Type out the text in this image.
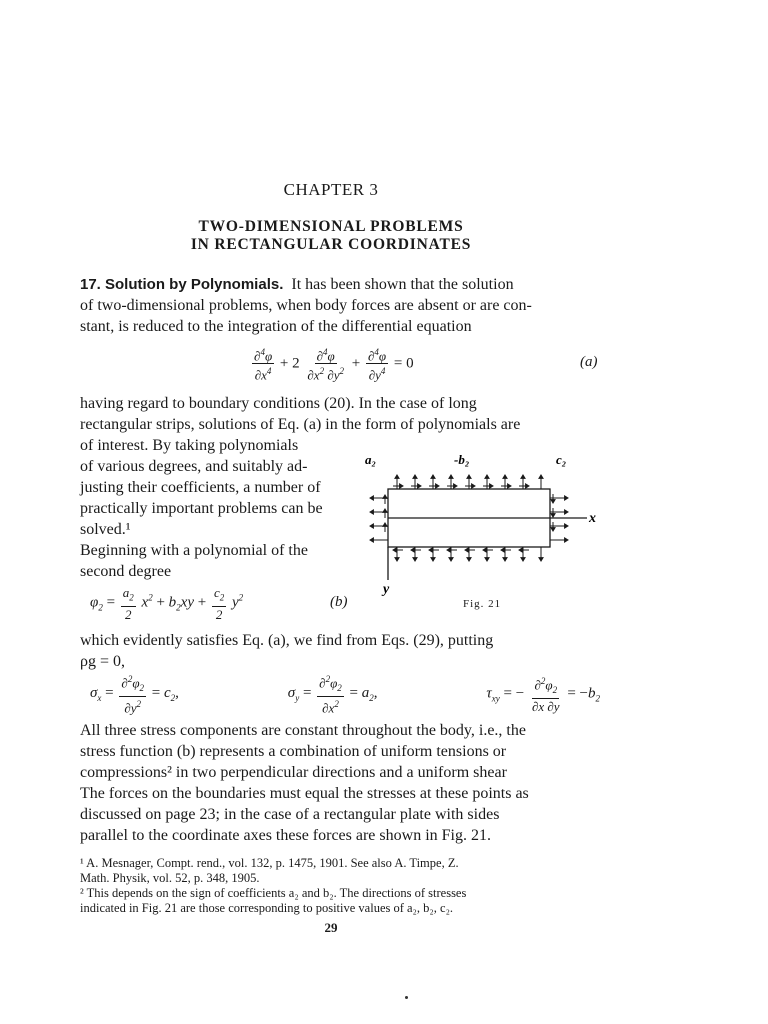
CHAPTER 3
TWO-DIMENSIONAL PROBLEMS
IN RECTANGULAR COORDINATES
17. Solution by Polynomials. It has been shown that the solution
of two-dimensional problems, when body forces are absent or are con-
stant, is reduced to the integration of the differential equation
$\frac{\partial^4\varphi}{\partial x^4} + 2 \frac{\partial^4\varphi}{\partial x^2 \partial y^2} + \frac{\partial^4\varphi}{\partial y^4} = 0$	(a)
having regard to boundary conditions (20). In the case of long
rectangular strips, solutions of Eq. (a) in the form of polynomials are
of interest. By taking polynomials
of various degrees, and suitably ad-
justing their coefficients, a number of
practically important problems can be
solved.¹
Beginning with a polynomial of the
second degree
$\varphi_2 = \frac{a_2}{2} x^2 + b_2xy + \frac{c_2}{2} y^2$	(b)
a₂	-b₂	c₂
x
y
Fig. 21
which evidently satisfies Eq. (a), we find from Eqs. (29), putting
ρg = 0,
$\sigma_x = \frac{\partial^2\varphi_2}{\partial y^2} = c_2$,	$\sigma_y = \frac{\partial^2\varphi_2}{\partial x^2} = a_2$,	$\tau_{xy}$ = − $\frac{\partial^2\varphi_2}{\partial x \partial y} = -b_2$
All three stress components are constant throughout the body, i.e., the
stress function (b) represents a combination of uniform tensions or
compressions² in two perpendicular directions and a uniform shear
The forces on the boundaries must equal the stresses at these points as
discussed on page 23; in the case of a rectangular plate with sides
parallel to the coordinate axes these forces are shown in Fig. 21.
¹ A. Mesnager, Compt. rend., vol. 132, p. 1475, 1901. See also A. Timpe, Z.
Math. Physik, vol. 52, p. 348, 1905.
² This depends on the sign of coefficients a₂ and b₂. The directions of stresses
indicated in Fig. 21 are those corresponding to positive values of a₂, b₂, c₂.
29
